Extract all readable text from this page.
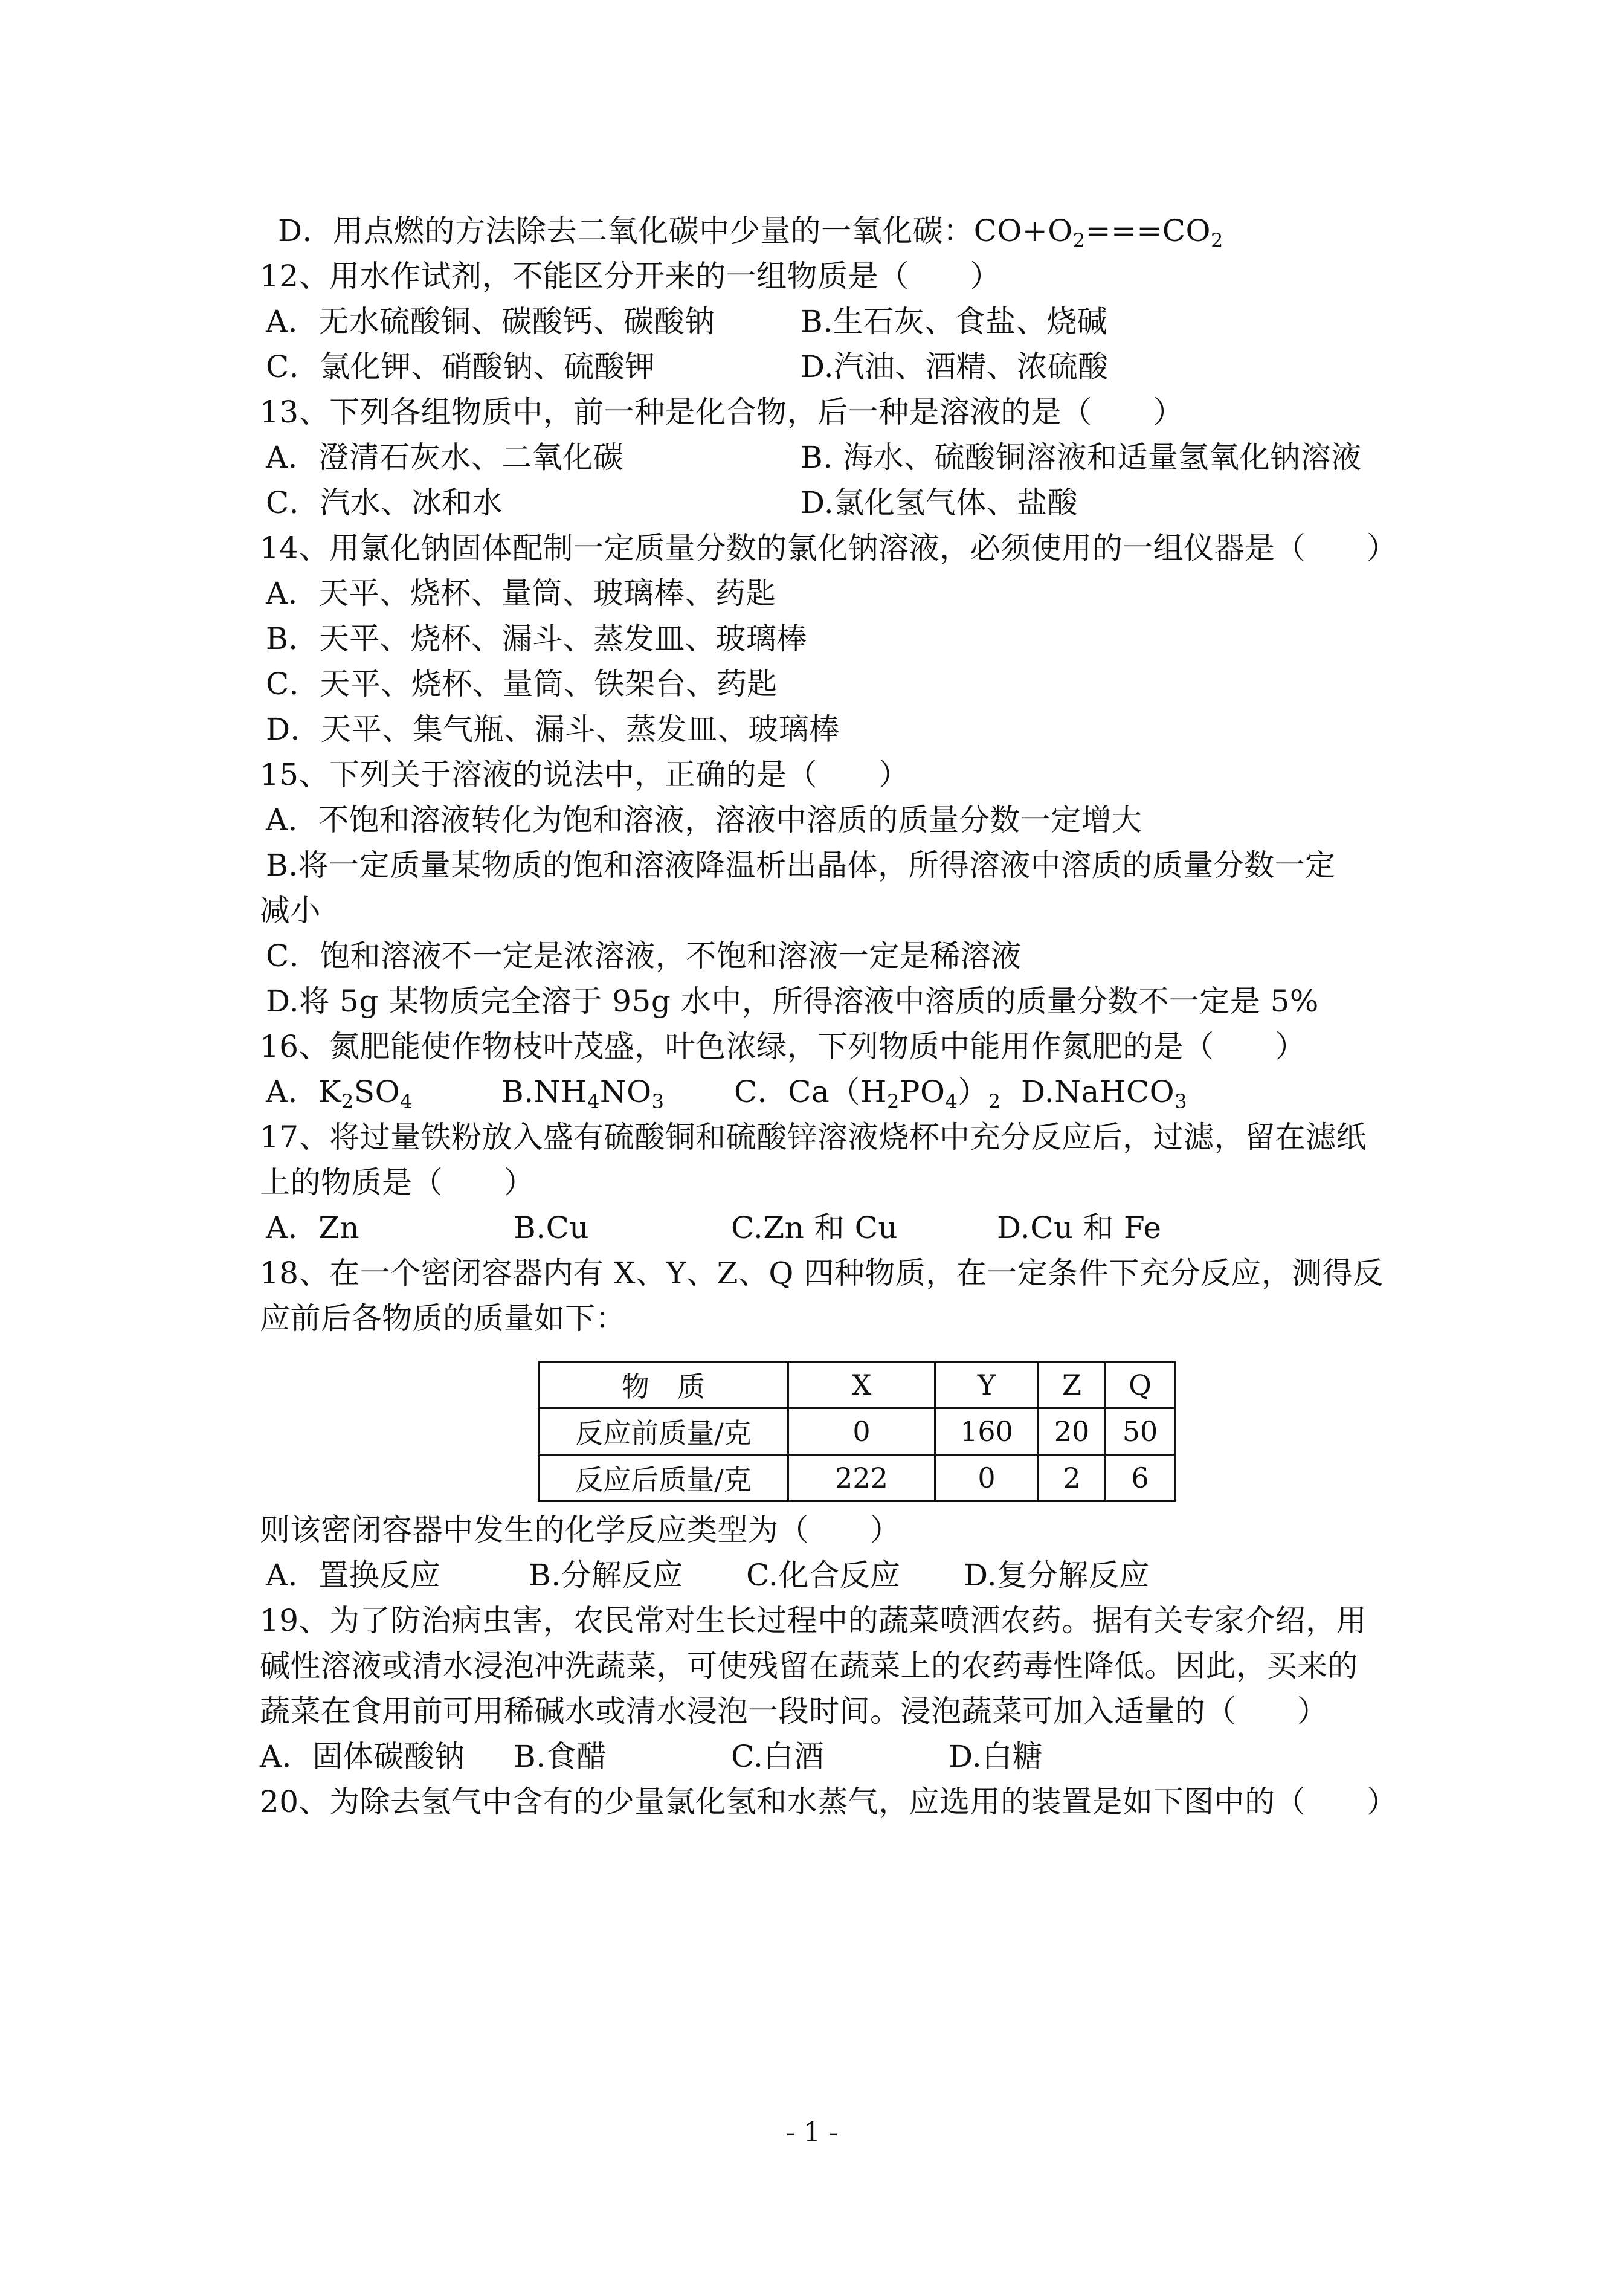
D．用点燃的方法除去二氧化碳中少量的一氧化碳：$CO+O_2===CO_2$
12、用水作试剂，不能区分开来的一组物质是（　　）
A．无水硫酸铜、碳酸钙、碳酸钠	B.生石灰、食盐、烧碱
C．氯化钾、硝酸钠、硫酸钾	D.汽油、酒精、浓硫酸
13、下列各组物质中，前一种是化合物，后一种是溶液的是（　　）
A．澄清石灰水、二氧化碳	B. 海水、硫酸铜溶液和适量氢氧化钠溶液
C．汽水、冰和水	D.氯化氢气体、盐酸
14、用氯化钠固体配制一定质量分数的氯化钠溶液，必须使用的一组仪器是（　　）
A．天平、烧杯、量筒、玻璃棒、药匙
B．天平、烧杯、漏斗、蒸发皿、玻璃棒
C．天平、烧杯、量筒、铁架台、药匙
D．天平、集气瓶、漏斗、蒸发皿、玻璃棒
15、下列关于溶液的说法中，正确的是（　　）
A．不饱和溶液转化为饱和溶液，溶液中溶质的质量分数一定增大
B.将一定质量某物质的饱和溶液降温析出晶体，所得溶液中溶质的质量分数一定
减小
C．饱和溶液不一定是浓溶液，不饱和溶液一定是稀溶液
D.将 5g 某物质完全溶于 95g 水中，所得溶液中溶质的质量分数不一定是 5%
16、氮肥能使作物枝叶茂盛，叶色浓绿，下列物质中能用作氮肥的是（　　）
A．$K_2SO_4$	$B.NH_4NO_3$ C．$Ca(H_2PO_4)_2$ D.NaHCO$_3$
17、将过量铁粉放入盛有硫酸铜和硫酸锌溶液烧杯中充分反应后，过滤，留在滤纸
上的物质是（　　）
A．Zn	B.Cu	C.Zn 和 Cu	D.Cu 和 Fe
18、在一个密闭容器内有 X、Y、Z、Q 四种物质，在一定条件下充分反应，测得反
应前后各物质的质量如下：
物　质	X	Y	Z	Q
反应前质量/克	0	160	20	50
反应后质量/克	222	0	2	6
则该密闭容器中发生的化学反应类型为（　　）
A．置换反应	B.分解反应 C.化合反应 D.复分解反应
19、为了防治病虫害，农民常对生长过程中的蔬菜喷洒农药。据有关专家介绍，用
碱性溶液或清水浸泡冲洗蔬菜，可使残留在蔬菜上的农药毒性降低。因此，买来的
蔬菜在食用前可用稀碱水或清水浸泡一段时间。浸泡蔬菜可加入适量的（　　）
A．固体碳酸钠 B.食醋	C.白酒	D.白糖
20、为除去氢气中含有的少量氯化氢和水蒸气，应选用的装置是如下图中的（　　）
- 1 -
